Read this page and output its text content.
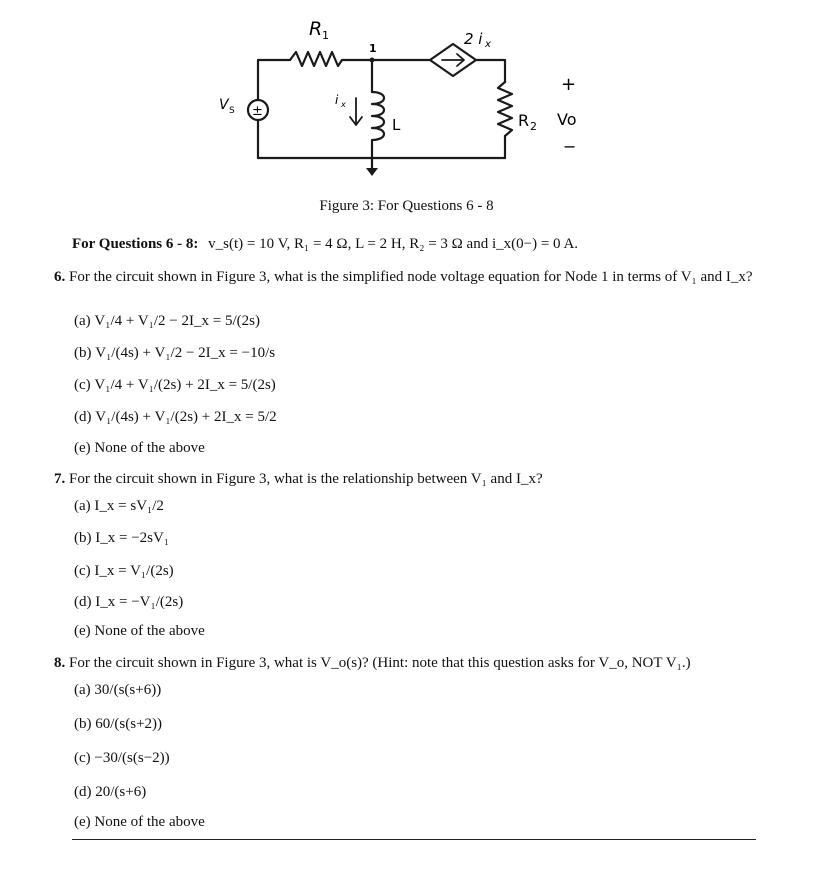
R 1
1
2 i x
V S ±
i x
L	R 2
+
Vo
−
Figure 3: For Questions 6 - 8
For Questions 6 - 8: v_s(t) = 10 V, R₁ = 4 Ω, L = 2 H, R₂ = 3 Ω and i_x(0−) = 0 A.
6. For the circuit shown in Figure 3, what is the simplified node voltage equation for Node 1 in terms of V₁ and I_x?
(a)
V₁/4 + V₁/2 − 2I_x = 5/(2s)
(b)
V₁/(4s) + V₁/2 − 2I_x = −10/s
(c)
V₁/4 + V₁/(2s) + 2I_x = 5/(2s)
(d)
V₁/(4s) + V₁/(2s) + 2I_x = 5/2
(e)
None of the above
7. For the circuit shown in Figure 3, what is the relationship between V₁ and I_x?
(a)
I_x = sV₁/2
(b)
I_x = −2sV₁
(c)
I_x = V₁/(2s)
(d)
I_x = −V₁/(2s)
(e)
None of the above
8. For the circuit shown in Figure 3, what is V_o(s)? (Hint: note that this question asks for V_o, NOT V₁.)
(a)
30/(s(s+6))
(b)
60/(s(s+2))
(c)
−30/(s(s−2))
(d)
20/(s+6)
(e)
None of the above
